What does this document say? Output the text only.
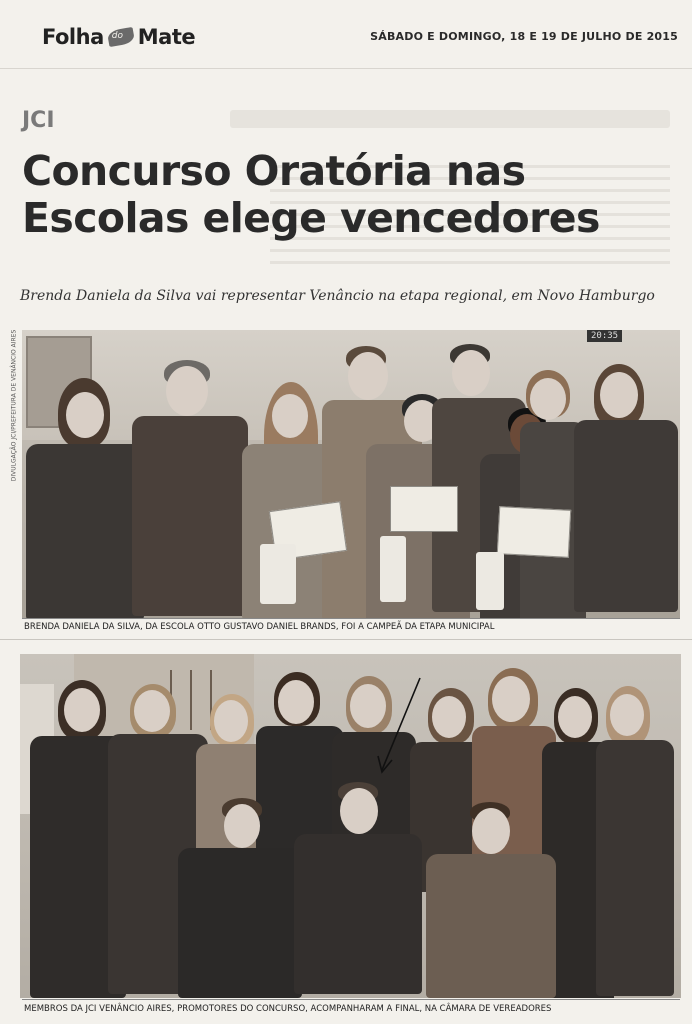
Folha do Mate	SÁBADO E DOMINGO, 18 E 19 DE JULHO DE 2015
JCI
Concurso Oratória nas Escolas elege vencedores
Brenda Daniela da Silva vai representar Venâncio na etapa regional, em Novo Hamburgo
DIVULGAÇÃO JCI/PREFEITURA DE VENÂNCIO AIRES	20:35
BRENDA DANIELA DA SILVA, DA ESCOLA OTTO GUSTAVO DANIEL BRANDS, FOI A CAMPEÃ DA ETAPA MUNICIPAL
MEMBROS DA JCI VENÂNCIO AIRES, PROMOTORES DO CONCURSO, ACOMPANHARAM A FINAL, NA CÂMARA DE VEREADORES
